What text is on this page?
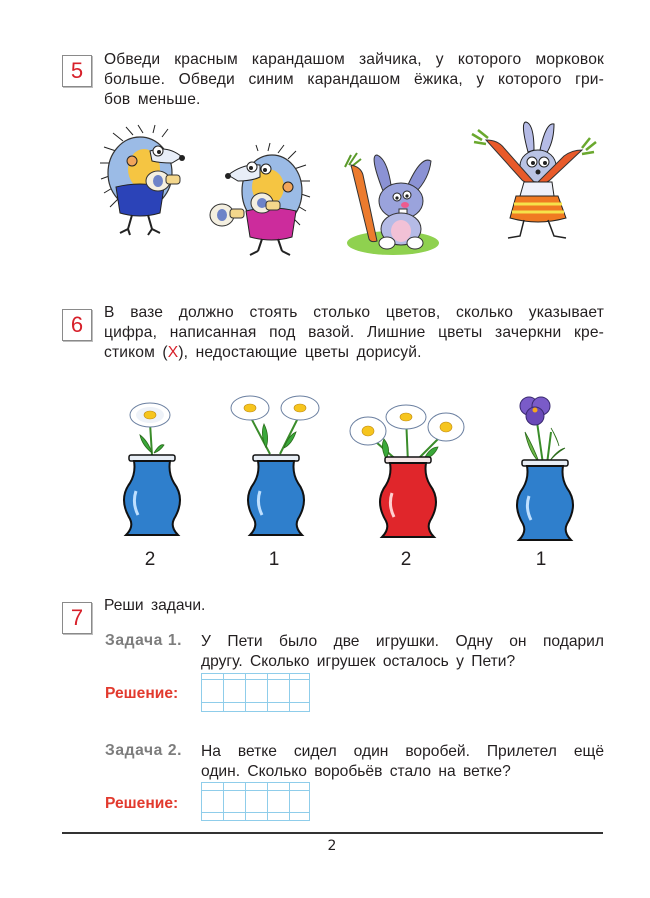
5	Обведи красным карандашом зайчика, у которого морковок
больше. Обведи синим карандашом ёжика, у которого гри-
бов меньше.
6	В вазе должно стоять столько цветов, сколько указывает
цифра, написанная под вазой. Лишние цветы зачеркни кре-
стиком (X), недостающие цветы дорисуй.
2	1	2	1
7	Реши задачи.
Задача 1. У Пети было две игрушки. Одну он подарил
другу. Сколько игрушек осталось у Пети?
Решение:
Задача 2. На ветке сидел один воробей. Прилетел ещё
один. Сколько воробьёв стало на ветке?
Решение:
2
